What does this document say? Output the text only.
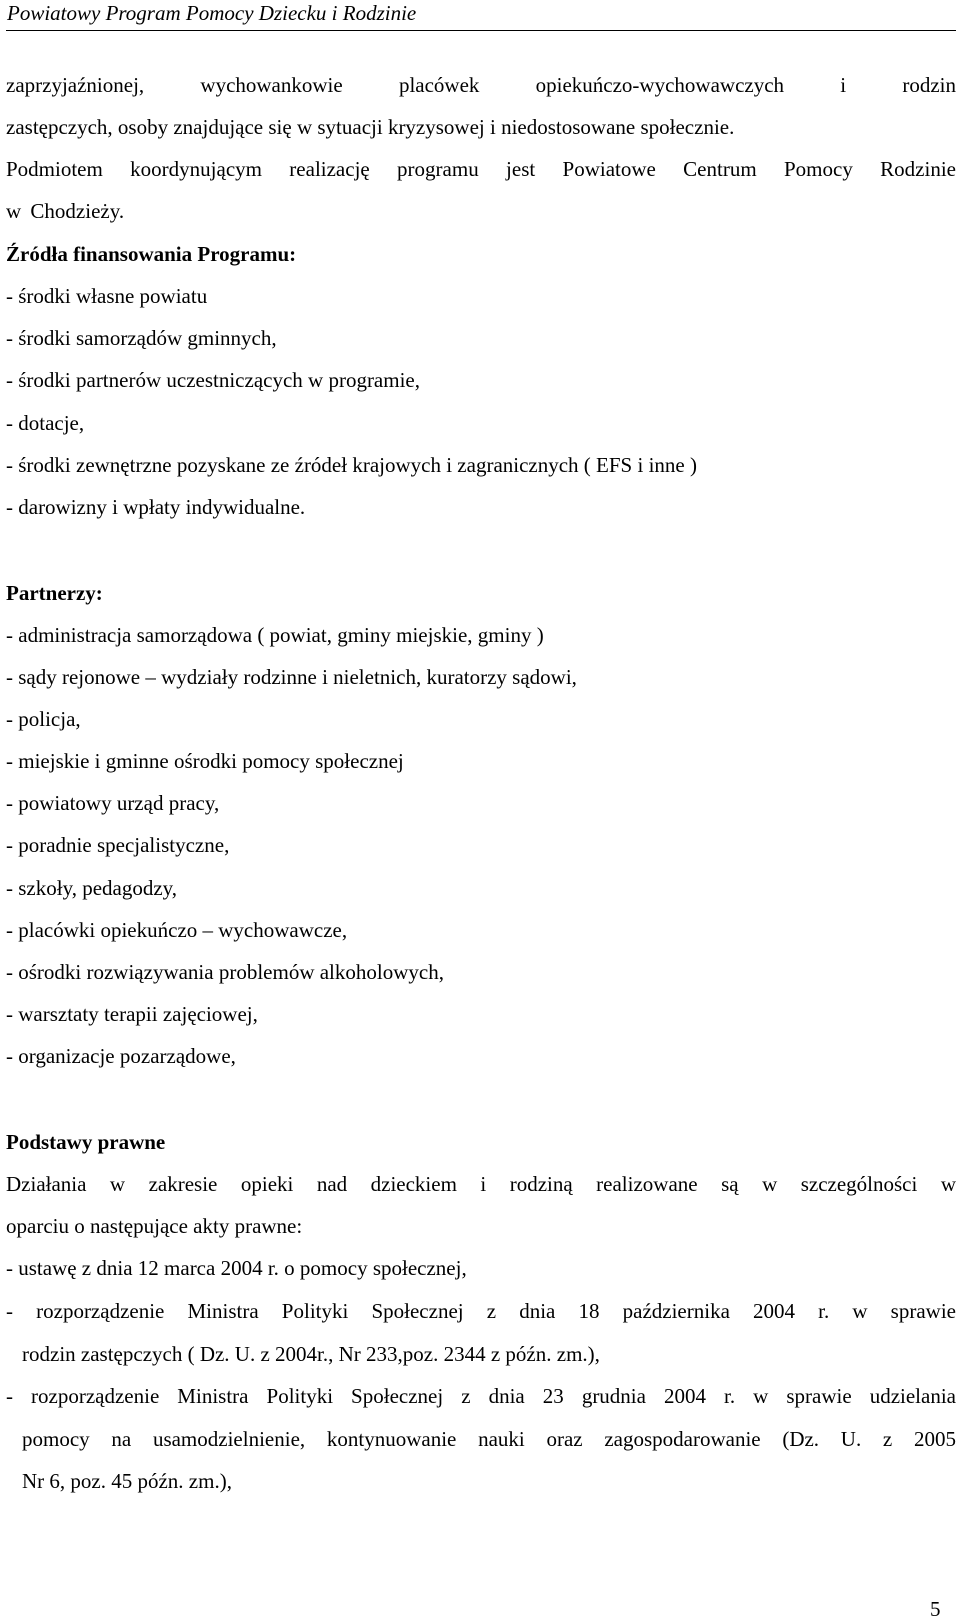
Powiatowy Program Pomocy Dziecku i Rodzinie
zaprzyjaźnionej, wychowankowie placówek opiekuńczo-wychowawczych i rodzin
zastępczych, osoby znajdujące się w sytuacji kryzysowej i niedostosowane społecznie.
Podmiotem koordynującym realizację programu jest Powiatowe Centrum Pomocy Rodzinie
w Chodzieży.
Źródła finansowania Programu:
- środki własne powiatu
- środki samorządów gminnych,
- środki partnerów uczestniczących w programie,
- dotacje,
- środki zewnętrzne pozyskane ze źródeł krajowych i zagranicznych ( EFS i inne )
- darowizny i wpłaty indywidualne.
Partnerzy:
- administracja samorządowa ( powiat, gminy miejskie, gminy )
- sądy rejonowe – wydziały rodzinne i nieletnich, kuratorzy sądowi,
- policja,
- miejskie i gminne ośrodki pomocy społecznej
- powiatowy urząd pracy,
- poradnie specjalistyczne,
- szkoły, pedagodzy,
- placówki opiekuńczo – wychowawcze,
- ośrodki rozwiązywania problemów alkoholowych,
- warsztaty terapii zajęciowej,
- organizacje pozarządowe,
Podstawy prawne
Działania w zakresie opieki nad dzieckiem i rodziną realizowane są w szczególności w
oparciu o następujące akty prawne:
- ustawę z dnia 12 marca 2004 r. o pomocy społecznej,
- rozporządzenie Ministra Polityki Społecznej z dnia 18 października 2004 r. w sprawie
rodzin zastępczych ( Dz. U. z 2004r., Nr 233,poz. 2344 z późn. zm.),
- rozporządzenie Ministra Polityki Społecznej z dnia 23 grudnia 2004 r. w sprawie udzielania
pomocy na usamodzielnienie, kontynuowanie nauki oraz zagospodarowanie (Dz. U. z 2005
Nr 6, poz. 45 późn. zm.),
5
